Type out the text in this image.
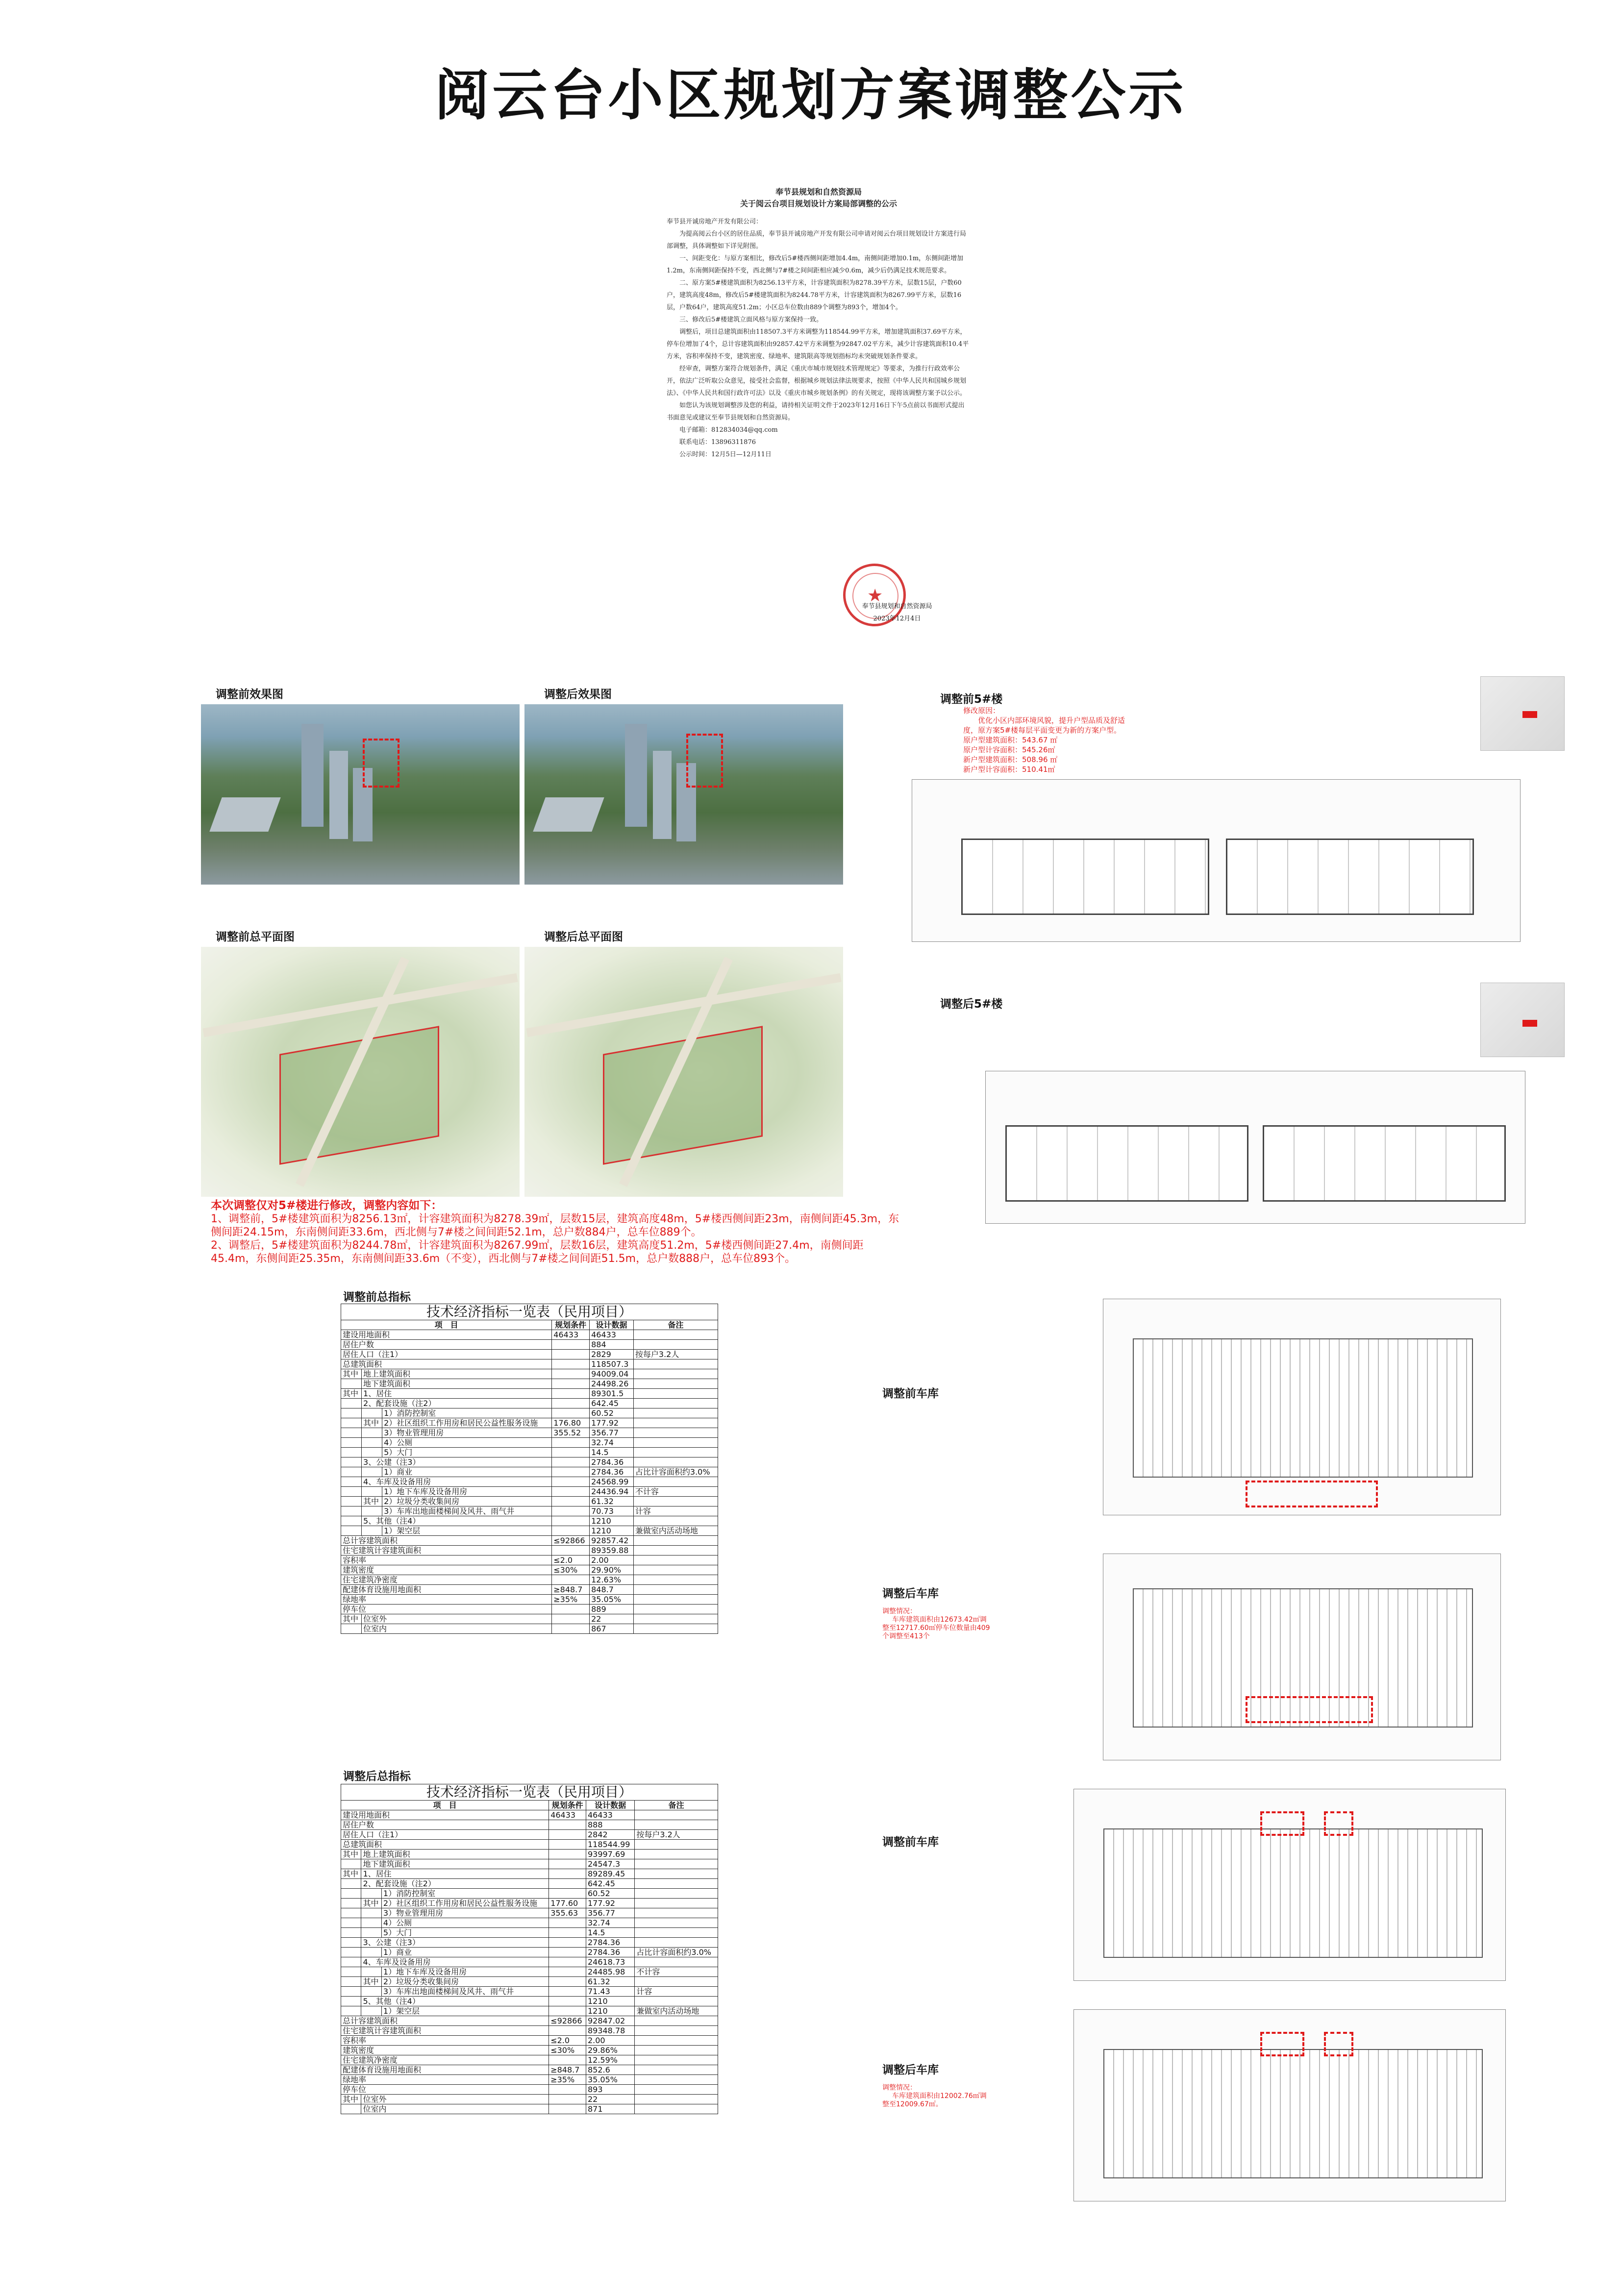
阅云台小区规划方案调整公示
奉节县规划和自然资源局
关于阅云台项目规划设计方案局部调整的公示

奉节县开诚房地产开发有限公司：

为提高阅云台小区的居住品质，奉节县开诚房地产开发有限公司申请对阅云台项目规划设计方案进行局部调整，具体调整如下详见附图。

一、间距变化：与原方案相比，修改后5#楼西侧间距增加4.4m，南侧间距增加0.1m，东侧间距增加1.2m，东南侧间距保持不变，西北侧与7#楼之间间距相应减少0.6m，减少后仍满足技术规范要求。

二、原方案5#楼建筑面积为8256.13平方米，计容建筑面积为8278.39平方米，层数15层，户数60户，建筑高度48m，修改后5#楼建筑面积为8244.78平方米，计容建筑面积为8267.99平方米，层数16层，户数64户，建筑高度51.2m；小区总车位数由889个调整为893个，增加4个。

三、修改后5#楼建筑立面风格与原方案保持一致。

调整后，项目总建筑面积由118507.3平方米调整为118544.99平方米，增加建筑面积37.69平方米，停车位增加了4个，总计容建筑面积由92857.42平方米调整为92847.02平方米，减少计容建筑面积10.4平方米，容积率保持不变，建筑密度、绿地率、建筑限高等规划指标均未突破规划条件要求。

经审查，调整方案符合规划条件，满足《重庆市城市规划技术管理规定》等要求，为推行行政效率公开，依法广泛听取公众意见，接受社会监督，根据城乡规划法律法规要求，按照《中华人民共和国城乡规划法》、《中华人民共和国行政许可法》以及《重庆市城乡规划条例》的有关规定，现将该调整方案予以公示。

如您认为该规划调整涉及您的利益，请持相关证明文件于2023年12月16日下午5点前以书面形式提出书面意见或建议至奉节县规划和自然资源局。

电子邮箱：812834034@qq.com

联系电话：13896311876

公示时间：12月5日—12月11日

★
奉节县规划和自然资源局
2023年12月4日
调整前效果图	调整后效果图
调整前总平面图	调整后总平面图
本次调整仅对5#楼进行修改，调整内容如下：
1、调整前，5#楼建筑面积为8256.13㎡，计容建筑面积为8278.39㎡，层数15层，建筑高度48m，5#楼西侧间距23m，南侧间距45.3m，东侧间距24.15m，东南侧间距33.6m，西北侧与7#楼之间间距52.1m，总户数884户，总车位889个。
2、调整后，5#楼建筑面积为8244.78㎡，计容建筑面积为8267.99㎡，层数16层，建筑高度51.2m，5#楼西侧间距27.4m，南侧间距45.4m，东侧间距25.35m，东南侧间距33.6m（不变），西北侧与7#楼之间间距51.5m，总户数888户，总车位893个。
调整前5#楼
修改原因：
优化小区内部环境风貌，提升户型品质及舒适
度，原方案5#楼每层平面变更为新的方案户型。
原户型建筑面积：543.67 ㎡
原户型计容面积：545.26㎡
新户型建筑面积：508.96 ㎡
新户型计容面积：510.41㎡
调整后5#楼
调整前车库
调整后车库
调整情况：
车库建筑面积由12673.42㎡调
整至12717.60㎡停车位数量由409
个调整至413个
调整前车库
调整后车库
调整情况：
车库建筑面积由12002.76㎡调
整至12009.67㎡。
调整前总指标
技术经济指标一览表（民用项目）					
项　目			规划条件	设计数据	备注
建设用地面积			46433	46433	
居住户数				884	
居住人口（注1）				2829	按每户3.2人
总建筑面积				118507.3	
其中	地上建筑面积			94009.04	
	地下建筑面积			24498.26	
其中	1、居住			89301.5	
	2、配套设施（注2）			642.45	
		1）消防控制室		60.52	
	其中	2）社区组织工作用房和居民公益性服务设施	176.80	177.92	
		3）物业管理用房	355.52	356.77	
		4）公厕		32.74	
		5）大门		14.5	
	3、公建（注3）			2784.36	
		1）商业		2784.36	占比计容面积约3.0%
	4、车库及设备用房			24568.99	
		1）地下车库及设备用房		24436.94	不计容
	其中	2）垃圾分类收集间房		61.32	
		3）车库出地面楼梯间及风井、雨气井		70.73	计容
	5、其他（注4）			1210	
		1）架空层		1210	兼做室内活动场地
总计容建筑面积			≤92866	92857.42	
住宅建筑计容建筑面积				89359.88	
容积率			≤2.0	2.00	
建筑密度			≤30%	29.90%	
住宅建筑净密度				12.63%	
配建体育设施用地面积			≥848.7	848.7	
绿地率			≥35%	35.05%	
停车位				889	
其中	位室外			22	
	位室内			867	
调整后总指标
技术经济指标一览表（民用项目）					
项　目			规划条件	设计数据	备注
建设用地面积			46433	46433	
居住户数				888	
居住人口（注1）				2842	按每户3.2人
总建筑面积				118544.99	
其中	地上建筑面积			93997.69	
	地下建筑面积			24547.3	
其中	1、居住			89289.45	
	2、配套设施（注2）			642.45	
		1）消防控制室		60.52	
	其中	2）社区组织工作用房和居民公益性服务设施	177.60	177.92	
		3）物业管理用房	355.63	356.77	
		4）公厕		32.74	
		5）大门		14.5	
	3、公建（注3）			2784.36	
		1）商业		2784.36	占比计容面积约3.0%
	4、车库及设备用房			24618.73	
		1）地下车库及设备用房		24485.98	不计容
	其中	2）垃圾分类收集间房		61.32	
		3）车库出地面楼梯间及风井、雨气井		71.43	计容
	5、其他（注4）			1210	
		1）架空层		1210	兼做室内活动场地
总计容建筑面积			≤92866	92847.02	
住宅建筑计容建筑面积				89348.78	
容积率			≤2.0	2.00	
建筑密度			≤30%	29.86%	
住宅建筑净密度				12.59%	
配建体育设施用地面积			≥848.7	852.6	
绿地率			≥35%	35.05%	
停车位				893	
其中	位室外			22	
	位室内			871	
